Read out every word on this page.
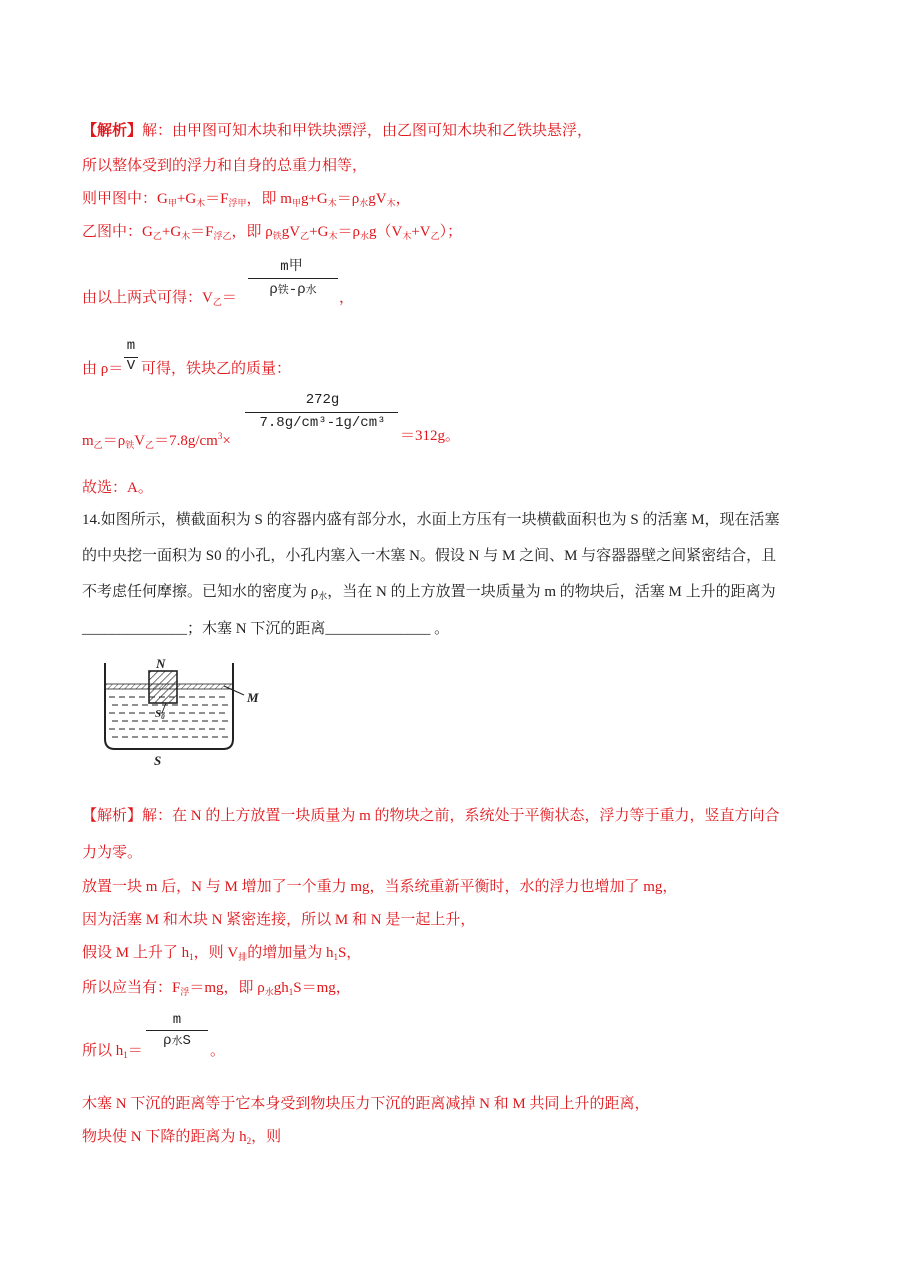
【解析】解：由甲图可知木块和甲铁块漂浮，由乙图可知木块和乙铁块悬浮，
所以整体受到的浮力和自身的总重力相等，
则甲图中：$G_甲+G_木=F_{浮甲}$，即 $m_甲g+G_木=\rho_水gV_木$，
乙图中：$G_乙+G_木=F_{浮乙}$，即 $\rho_铁gV_乙+G_木=\rho_水g(V_木+V_乙)$；
由以上两式可得：$V_乙=$
m甲
ρ铁-ρ水	，
由 ρ＝
m
V 可得，铁块乙的质量：
$m_乙=\rho_铁V_乙=7.8g/cm^3\times$
272g
7.8g/cm³-1g/cm³
＝312g。
故选：A。
14.如图所示，横截面积为 S 的容器内盛有部分水，水面上方压有一块横截面积也为 S 的活塞 M，现在活塞
的中央挖一面积为 S0 的小孔，小孔内塞入一木塞 N。假设 N 与 M 之间、M 与容器器壁之间紧密结合，且
不考虑任何摩擦。已知水的密度为 $\rho_水$，当在 N 的上方放置一块质量为 m 的物块后，活塞 M 上升的距离为
______________；木塞 N 下沉的距离______________ 。
N
M
S
S0
【解析】解：在 N 的上方放置一块质量为 m 的物块之前，系统处于平衡状态，浮力等于重力，竖直方向合
力为零。
放置一块 m 后，N 与 M 增加了一个重力 mg，当系统重新平衡时，水的浮力也增加了 mg，
因为活塞 M 和木块 N 紧密连接，所以 M 和 N 是一起上升，
假设 M 上升了 $h_1$，则 $V_排$的增加量为 $h_1S$，
所以应当有：$F_浮=mg$，即 $\rho_水gh_1S=mg$，
所以 $h_1=$
m
ρ水S
。
木塞 N 下沉的距离等于它本身受到物块压力下沉的距离减掉 N 和 M 共同上升的距离，
物块使 N 下降的距离为 $h_2$，则
